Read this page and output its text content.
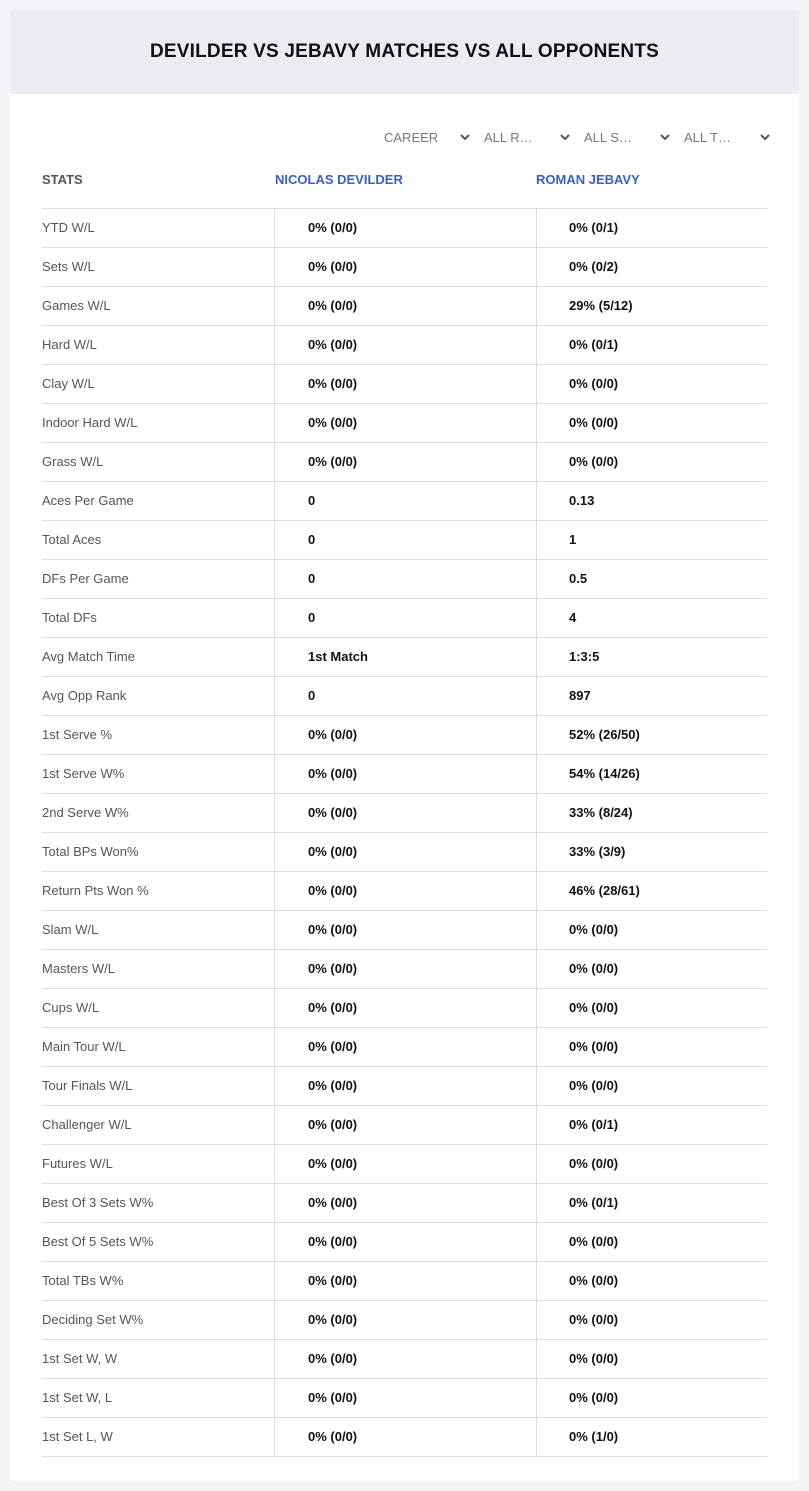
DEVILDER VS JEBAVY MATCHES VS ALL OPPONENTS
CAREER	ALL R…	ALL S…	ALL T…
STATS	NICOLAS DEVILDER	ROMAN JEBAVY
YTD W/L	0% (0/0)	0% (0/1)
Sets W/L	0% (0/0)	0% (0/2)
Games W/L	0% (0/0)	29% (5/12)
Hard W/L	0% (0/0)	0% (0/1)
Clay W/L	0% (0/0)	0% (0/0)
Indoor Hard W/L	0% (0/0)	0% (0/0)
Grass W/L	0% (0/0)	0% (0/0)
Aces Per Game	0	0.13
Total Aces	0	1
DFs Per Game	0	0.5
Total DFs	0	4
Avg Match Time	1st Match	1:3:5
Avg Opp Rank	0	897
1st Serve %	0% (0/0)	52% (26/50)
1st Serve W%	0% (0/0)	54% (14/26)
2nd Serve W%	0% (0/0)	33% (8/24)
Total BPs Won%	0% (0/0)	33% (3/9)
Return Pts Won %	0% (0/0)	46% (28/61)
Slam W/L	0% (0/0)	0% (0/0)
Masters W/L	0% (0/0)	0% (0/0)
Cups W/L	0% (0/0)	0% (0/0)
Main Tour W/L	0% (0/0)	0% (0/0)
Tour Finals W/L	0% (0/0)	0% (0/0)
Challenger W/L	0% (0/0)	0% (0/1)
Futures W/L	0% (0/0)	0% (0/0)
Best Of 3 Sets W%	0% (0/0)	0% (0/1)
Best Of 5 Sets W%	0% (0/0)	0% (0/0)
Total TBs W%	0% (0/0)	0% (0/0)
Deciding Set W%	0% (0/0)	0% (0/0)
1st Set W, W	0% (0/0)	0% (0/0)
1st Set W, L	0% (0/0)	0% (0/0)
1st Set L, W	0% (0/0)	0% (1/0)
